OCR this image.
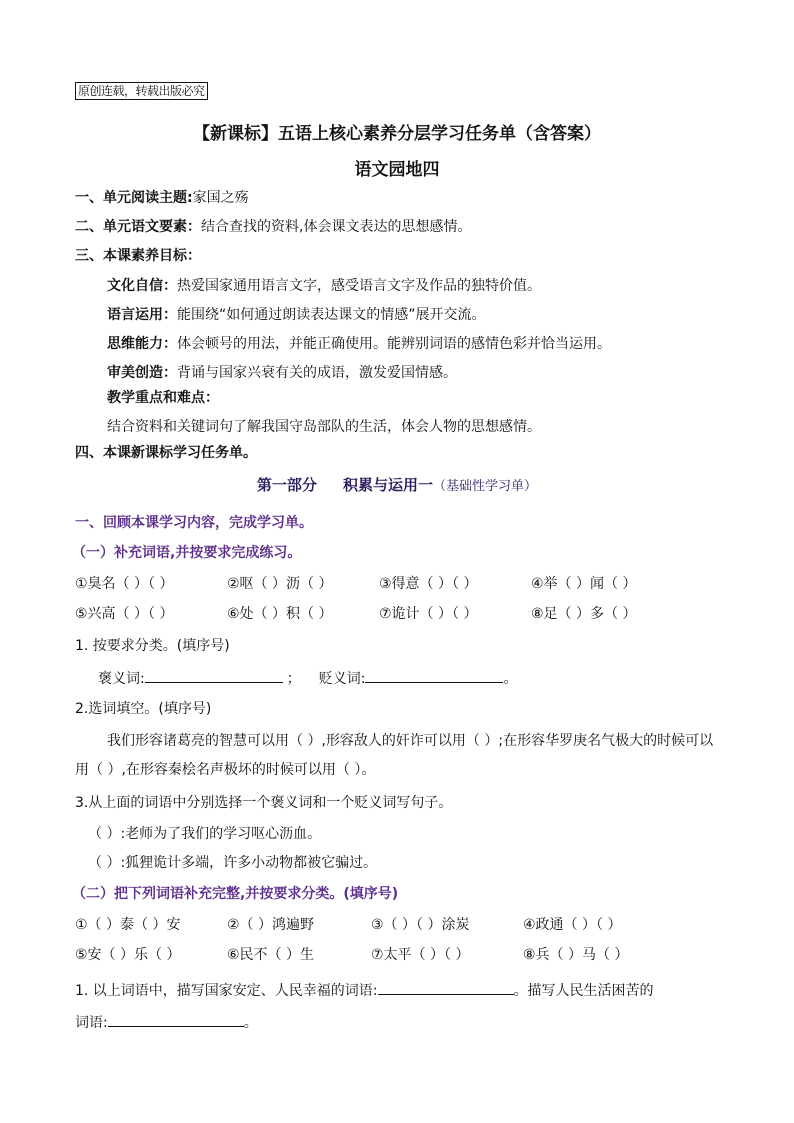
原创连载，转载出版必究
【新课标】五语上核心素养分层学习任务单（含答案）
语文园地四
一、单元阅读主题:家国之殇
二、单元语文要素：结合查找的资料,体会课文表达的思想感情。
三、本课素养目标：
文化自信：热爱国家通用语言文字，感受语言文字及作品的独特价值。
语言运用：能围绕“如何通过朗读表达课文的情感”展开交流。
思维能力：体会顿号的用法，并能正确使用。能辨别词语的感情色彩并恰当运用。
审美创造：背诵与国家兴衰有关的成语，激发爱国情感。
教学重点和难点：
结合资料和关键词句了解我国守岛部队的生活，体会人物的思想感情。
四、本课新课标学习任务单。
第一部分     积累与运用一（基础性学习单）
一、回顾本课学习内容，完成学习单。
（一）补充词语,并按要求完成练习。
①臭名（ ）（ ）	②呕（ ）沥（ ）	③得意（ ）（ ）	④举（ ）闻（ ）
⑤兴高（ ）（ ）	⑥处（ ）积（ ）	⑦诡计（ ）（ ）	⑧足（ ）多（ ）
1. 按要求分类。(填序号)
褒义词:	； 贬义词:	。
2.选词填空。(填序号)
我们形容诸葛亮的智慧可以用（ ）,形容敌人的奸诈可以用（ ）;在形容华罗庚名气极大的时候可以用（ ）,在形容秦桧名声极坏的时候可以用（ ）。
3.从上面的词语中分别选择一个褒义词和一个贬义词写句子。
（ ）:老师为了我们的学习呕心沥血。
（ ）:狐狸诡计多端，许多小动物都被它骗过。
（二）把下列词语补充完整,并按要求分类。(填序号)
①（ ）泰（ ）安	②（ ）鸿遍野	③（ ）（ ）涂炭	④政通（ ）（ ）
⑤安（ ）乐（ ）	⑥民不（ ）生	⑦太平（ ）（ ）	⑧兵（ ）马（ ）
1. 以上词语中，描写国家安定、人民幸福的词语:	。描写人民生活困苦的
词语:	。
